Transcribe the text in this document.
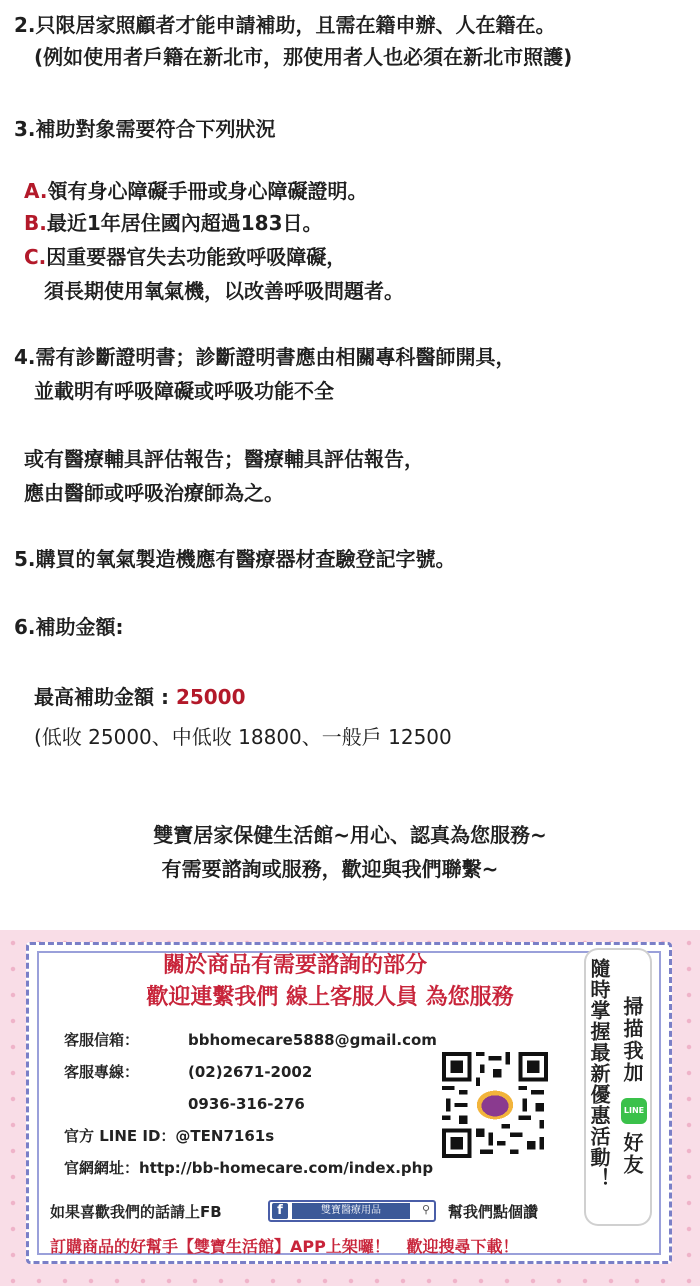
2.只限居家照顧者才能申請補助，且需在籍申辦、人在籍在。
(例如使用者戶籍在新北市，那使用者人也必須在新北市照護)
3.補助對象需要符合下列狀況
A.領有身心障礙手冊或身心障礙證明。
B.最近1年居住國內超過183日。
C.因重要器官失去功能致呼吸障礙，
須長期使用氧氣機，以改善呼吸問題者。
4.需有診斷證明書；診斷證明書應由相關專科醫師開具，
並載明有呼吸障礙或呼吸功能不全
或有醫療輔具評估報告；醫療輔具評估報告，
應由醫師或呼吸治療師為之。
5.購買的氧氣製造機應有醫療器材查驗登記字號。
6.補助金額:
最高補助金額 : 25000
(低收 25000、中低收 18800、一般戶 12500
雙寶居家保健生活館~用心、認真為您服務~
有需要諮詢或服務，歡迎與我們聯繫~
關於商品有需要諮詢的部分
歡迎連繫我們 線上客服人員 為您服務
客服信箱：	bbhomecare5888@gmail.com
客服專線：	(02)2671-2002
0936-316-276
官方 LINE ID：@TEN7161s
官網網址：http://bb-homecare.com/index.php	隨時掌握最新優惠活動！ 掃描我加
LINE
好友
如果喜歡我們的話請上FB	f	雙寶醫療用品	⚲ 幫我們點個讚
訂購商品的好幫手【雙寶生活館】APP上架囉！   歡迎搜尋下載！
